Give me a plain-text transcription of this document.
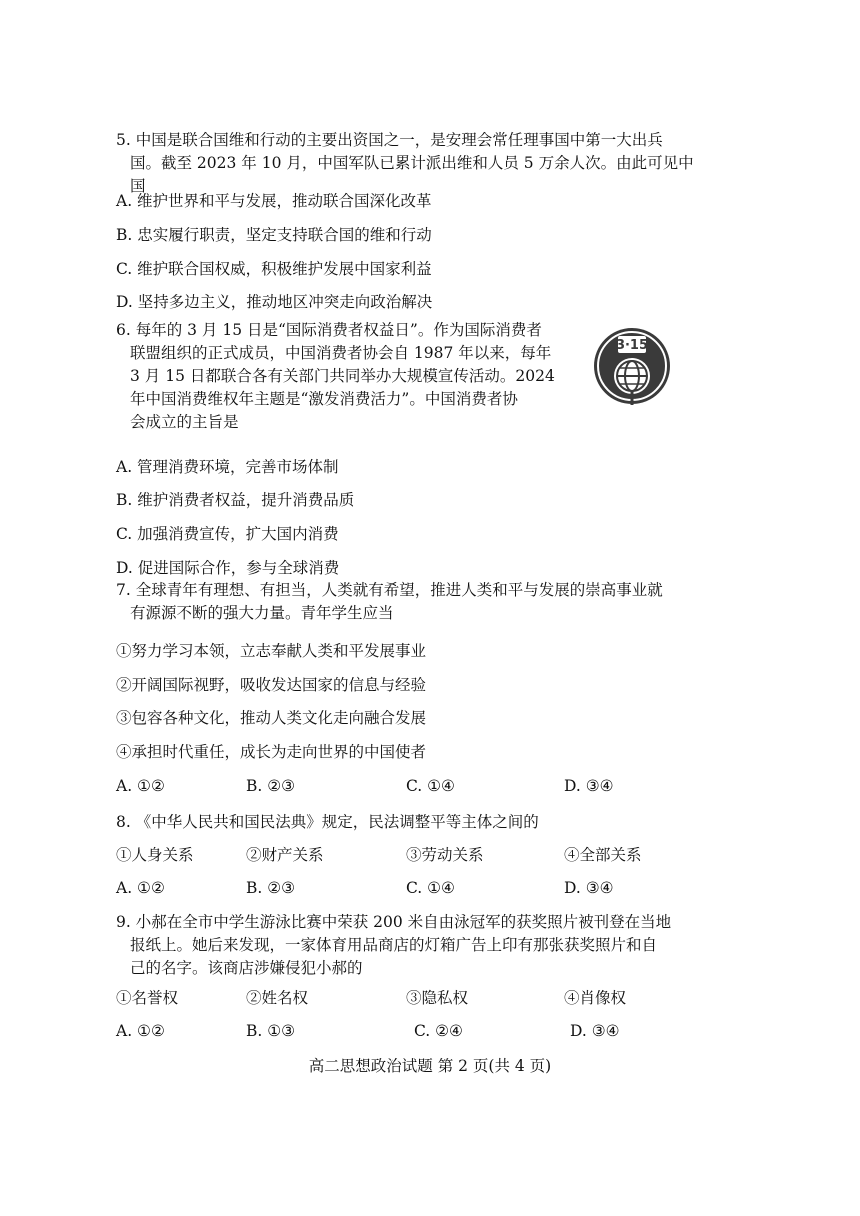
5. 中国是联合国维和行动的主要出资国之一，是安理会常任理事国中第一大出兵
国。截至 2023 年 10 月，中国军队已累计派出维和人员 5 万余人次。由此可见中
国
A. 维护世界和平与发展，推动联合国深化改革
B. 忠实履行职责，坚定支持联合国的维和行动
C. 维护联合国权威，积极维护发展中国家利益
D. 坚持多边主义，推动地区冲突走向政治解决
6. 每年的 3 月 15 日是“国际消费者权益日”。作为国际消费者
联盟组织的正式成员，中国消费者协会自 1987 年以来，每年
3 月 15 日都联合各有关部门共同举办大规模宣传活动。2024
年中国消费维权年主题是“激发消费活力”。中国消费者协
会成立的主旨是
3·15
A. 管理消费环境，完善市场体制
B. 维护消费者权益，提升消费品质
C. 加强消费宣传，扩大国内消费
D. 促进国际合作，参与全球消费
7. 全球青年有理想、有担当，人类就有希望，推进人类和平与发展的崇高事业就
有源源不断的强大力量。青年学生应当
①努力学习本领，立志奉献人类和平发展事业
②开阔国际视野，吸收发达国家的信息与经验
③包容各种文化，推动人类文化走向融合发展
④承担时代重任，成长为走向世界的中国使者
A. ①②	B. ②③	C. ①④	D. ③④
8. 《中华人民共和国民法典》规定，民法调整平等主体之间的
①人身关系	②财产关系	③劳动关系	④全部关系
A. ①②	B. ②③	C. ①④	D. ③④
9. 小郝在全市中学生游泳比赛中荣获 200 米自由泳冠军的获奖照片被刊登在当地
报纸上。她后来发现，一家体育用品商店的灯箱广告上印有那张获奖照片和自
己的名字。该商店涉嫌侵犯小郝的
①名誉权	②姓名权	③隐私权	④肖像权
A. ①②	B. ①③	C. ②④	D. ③④
高二思想政治试题 第 2 页(共 4 页)
